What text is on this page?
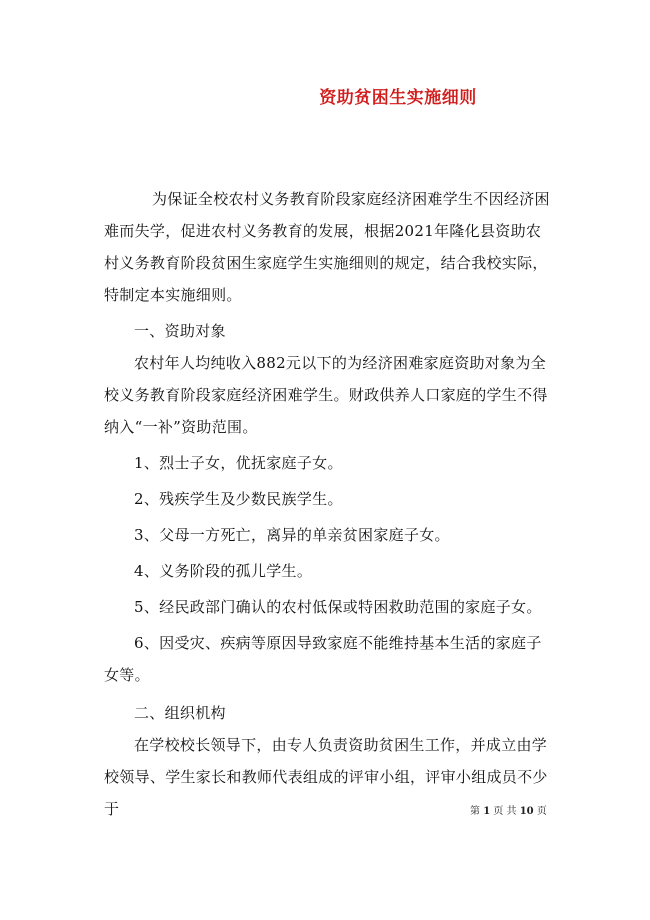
资助贫困生实施细则

为保证全校农村义务教育阶段家庭经济困难学生不因经济困难而失学，促进农村义务教育的发展，根据2021年隆化县资助农村义务教育阶段贫困生家庭学生实施细则的规定，结合我校实际，特制定本实施细则。

一、资助对象

农村年人均纯收入882元以下的为经济困难家庭资助对象为全校义务教育阶段家庭经济困难学生。财政供养人口家庭的学生不得纳入“一补”资助范围。

1、烈士子女，优抚家庭子女。

2、残疾学生及少数民族学生。

3、父母一方死亡，离异的单亲贫困家庭子女。

4、义务阶段的孤儿学生。

5、经民政部门确认的农村低保或特困救助范围的家庭子女。

6、因受灾、疾病等原因导致家庭不能维持基本生活的家庭子女等。

二、组织机构

在学校校长领导下，由专人负责资助贫困生工作，并成立由学校领导、学生家长和教师代表组成的评审小组，评审小组成员不少于	第 1 页 共 10 页
